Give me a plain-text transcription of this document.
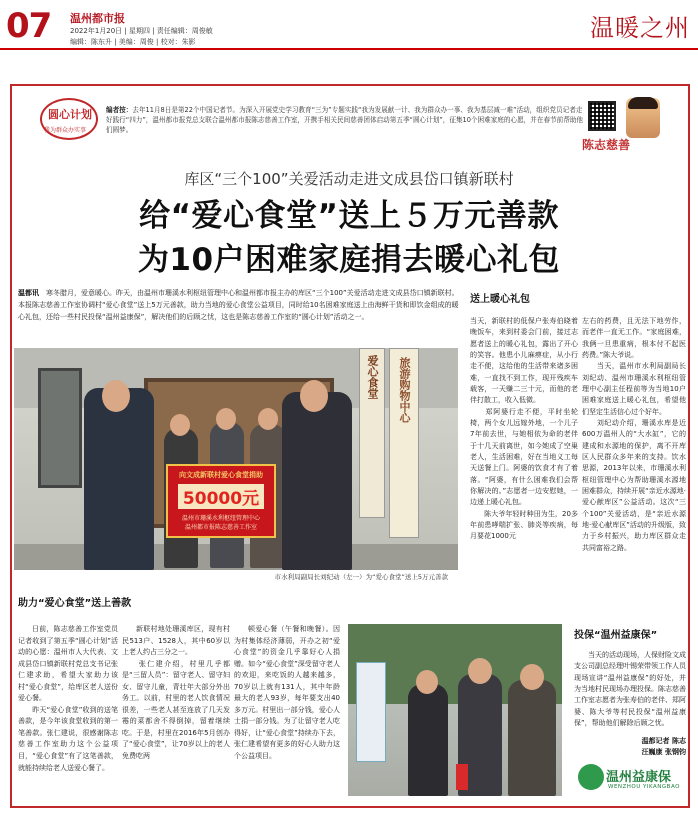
07 温州都市报
2022年1月20日 | 星期四 | 责任编辑：周俊敏
编辑：陈东升 | 美编：周俊 | 校对：朱影	温暖之州
圆心计划
我为群众办实事
编者按：去年11月8日是第22个中国记者节。为深入开展党史学习教育“三为”专题实践“我为发展献一计、我为群众办一事、我为基层减一难”活动，组织党员记者走好践行“四力”，温州都市报党总支联合温州都市报陈志慈善工作室，开携手相关民间慈善团体启动第五季“圆心计划”，征集10个困难家庭的心愿，并在春节前帮助他们圆梦。
陈志慈善
库区“三个100”关爱活动走进文成县岱口镇新联村
给“爱心食堂”送上５万元善款
为10户困难家庭捐去暖心礼包
温都讯　 寒冬腊月，爱意暖心。昨天，由温州市珊溪水利枢纽管理中心和温州都市报主办的库区“三个100”关爱活动走进文成县岱口镇新联村。本报陈志慈善工作室协调村“爱心食堂”送上5万元善款，助力当地的爱心食堂公益项目，同时给10名困难家庭送上由海鲜干货和即饮金组成的暖心礼包，还给一些村民投保“温州益康保”，解决他们的后顾之忧，这也是陈志慈善工作室的“圆心计划”活动之一。
爱心食堂 旅游购物中心
向文成新联村爱心食堂捐助
50000元
温州市珊溪水利枢纽管理中心
温州都市报陈志慈善工作室
市水利局副局长刘纪动（左一）为“爱心食堂”送上5万元善款
送上暖心礼包
当天，新联村的低保户张寿伯晓着晚饭车，来到村委会门前，接过志愿者送上的暖心礼包，露出了开心的笑容。他患小儿麻痹症，从小行走不便，这给他的生活带来诸多困难，一直找不到工作，现开残疾车载客，一天赚二三十元，而他的老伴打散工，收入低微。
　　郑阿婆行走不便，平时坐轮椅，两个女儿远嫁外地，一个儿子7年前去世，与她相依为命的老伴于十几天前离世，如今她成了空巢老人，生活困难，好在当地义工每天送餐上门。阿婆的饮食才有了着落。“阿婆，有什么困难我们会帮你解决的。”志愿者一边安慰她，一边递上暖心礼包。
　　陈大爷年轻时种田为生，20多年前患哮喘扩张、肺炎等疾病，每月要花1000元
左右的药费，且无法下地劳作，而老伴一直无工作。“家庭困难，我俩一旦患重病，根本付不起医药费。”陈大爷说。
　　当天，温州市水利局副局长刘纪动、温州市珊溪水利枢纽管理中心副主任程前等为当地10户困难家庭送上暖心礼包，希望他们坚定生活信心过个好年。
　　刘纪动介绍，珊溪水库是近600万温州人的“大水缸”，它的建成和水源地的保护，离不开库区人民群众多年来的支持。饮水思源，2013年以来，市珊溪水利枢纽管理中心为帮助珊溪水源地困难群众，持续开展“亲近水源地·爱心献库区”公益活动。这次“三个100”关爱活动，是“亲近水源地·爱心献库区”活动的升级版，致力于乡村振兴，助力库区群众走共同富裕之路。
助力“爱心食堂”送上善款
日前，陈志慈善工作室党员记者收到了第五季“圆心计划”活动的心愿：温州市人大代表、文成县岱口镇新联村党总支书记张仁建求助，希望大家助力该村“爱心食堂”，给库区老人送份爱心餐。
　　昨天“爱心食堂”收到的送笔善款，是今年该食堂收到的第一笔善款。张仁建说，很感谢陈志慈善工作室助力这个公益项目，“爱心食堂”有了这笔善款，就能持续给老人送爱心餐了。
新联村地处珊溪库区，现有村民513户、1528人，其中60岁以上老人约占三分之一。
　　张仁建介绍，村里几乎都是“三留人员”：留守老人、留守妇女、留守儿童，青壮年大部分外出务工。以前，村里的老人饮食情况很差，一些老人甚至连放了几天发霉的菜都舍不得倒掉，留着继续吃。于是，村里在2016年5月创办了“爱心食堂”，让70岁以上的老人免费吃两
顿爱心餐（午餐和晚餐）。因为村集体经济薄弱，开办之初“爱心食堂”的资金几乎靠好心人捐赠。如今“爱心食堂”深受留守老人的欢迎，来吃饭的人越来越多，70岁以上就有131人，其中年龄最大的老人93岁，每年要支出40多万元。村里出一部分钱，爱心人士捐一部分钱。为了让留守老人吃得好，让“爱心食堂”持续办下去，张仁建希望有更多的好心人助力这个公益项目。
投保“温州益康保”
当天的活动现场，人保财险文成支公司副总经理叶锡荣带领工作人员现场宣讲“温州益康保”的好处，并为当地村民现场办理投保。陈志慈善工作室志愿者为张寿伯的老伴、郑阿婆、陈大爷等村民投保“温州益康保”，帮助他们解除后顾之忧。
温都记者 陈志
汪巍康 张钢钧
温州益康保
WENZHOU YIKANGBAO
